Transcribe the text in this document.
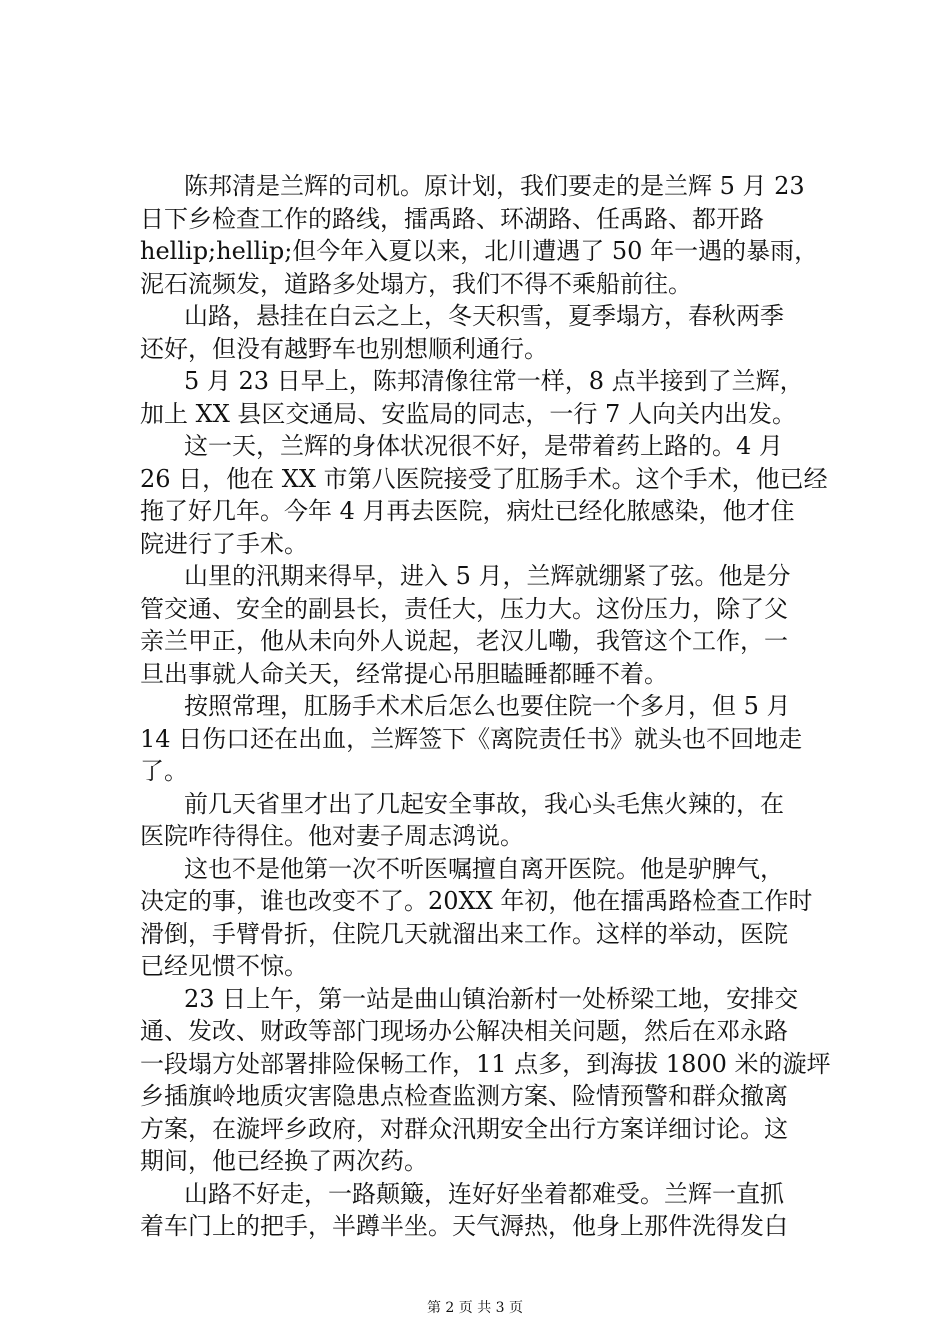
陈邦清是兰辉的司机。原计划，我们要走的是兰辉 5 月 23
日下乡检查工作的路线，擂禹路、环湖路、任禹路、都开路
hellip;hellip;但今年入夏以来，北川遭遇了 50 年一遇的暴雨，
泥石流频发，道路多处塌方，我们不得不乘船前往。
山路，悬挂在白云之上，冬天积雪，夏季塌方，春秋两季
还好，但没有越野车也别想顺利通行。
5 月 23 日早上，陈邦清像往常一样，8 点半接到了兰辉，
加上 XX 县区交通局、安监局的同志，一行 7 人向关内出发。
这一天，兰辉的身体状况很不好，是带着药上路的。4 月
26 日，他在 XX 市第八医院接受了肛肠手术。这个手术，他已经
拖了好几年。今年 4 月再去医院，病灶已经化脓感染，他才住
院进行了手术。
山里的汛期来得早，进入 5 月，兰辉就绷紧了弦。他是分
管交通、安全的副县长，责任大，压力大。这份压力，除了父
亲兰甲正，他从未向外人说起，老汉儿嘞，我管这个工作，一
旦出事就人命关天，经常提心吊胆瞌睡都睡不着。
按照常理，肛肠手术术后怎么也要住院一个多月，但 5 月
14 日伤口还在出血，兰辉签下《离院责任书》就头也不回地走
了。
前几天省里才出了几起安全事故，我心头毛焦火辣的，在
医院咋待得住。他对妻子周志鸿说。
这也不是他第一次不听医嘱擅自离开医院。他是驴脾气，
决定的事，谁也改变不了。20XX 年初，他在擂禹路检查工作时
滑倒，手臂骨折，住院几天就溜出来工作。这样的举动，医院
已经见惯不惊。
23 日上午，第一站是曲山镇治新村一处桥梁工地，安排交
通、发改、财政等部门现场办公解决相关问题，然后在邓永路
一段塌方处部署排险保畅工作，11 点多，到海拔 1800 米的漩坪
乡插旗岭地质灾害隐患点检查监测方案、险情预警和群众撤离
方案，在漩坪乡政府，对群众汛期安全出行方案详细讨论。这
期间，他已经换了两次药。
山路不好走，一路颠簸，连好好坐着都难受。兰辉一直抓
着车门上的把手，半蹲半坐。天气溽热，他身上那件洗得发白
第 2 页 共 3 页
